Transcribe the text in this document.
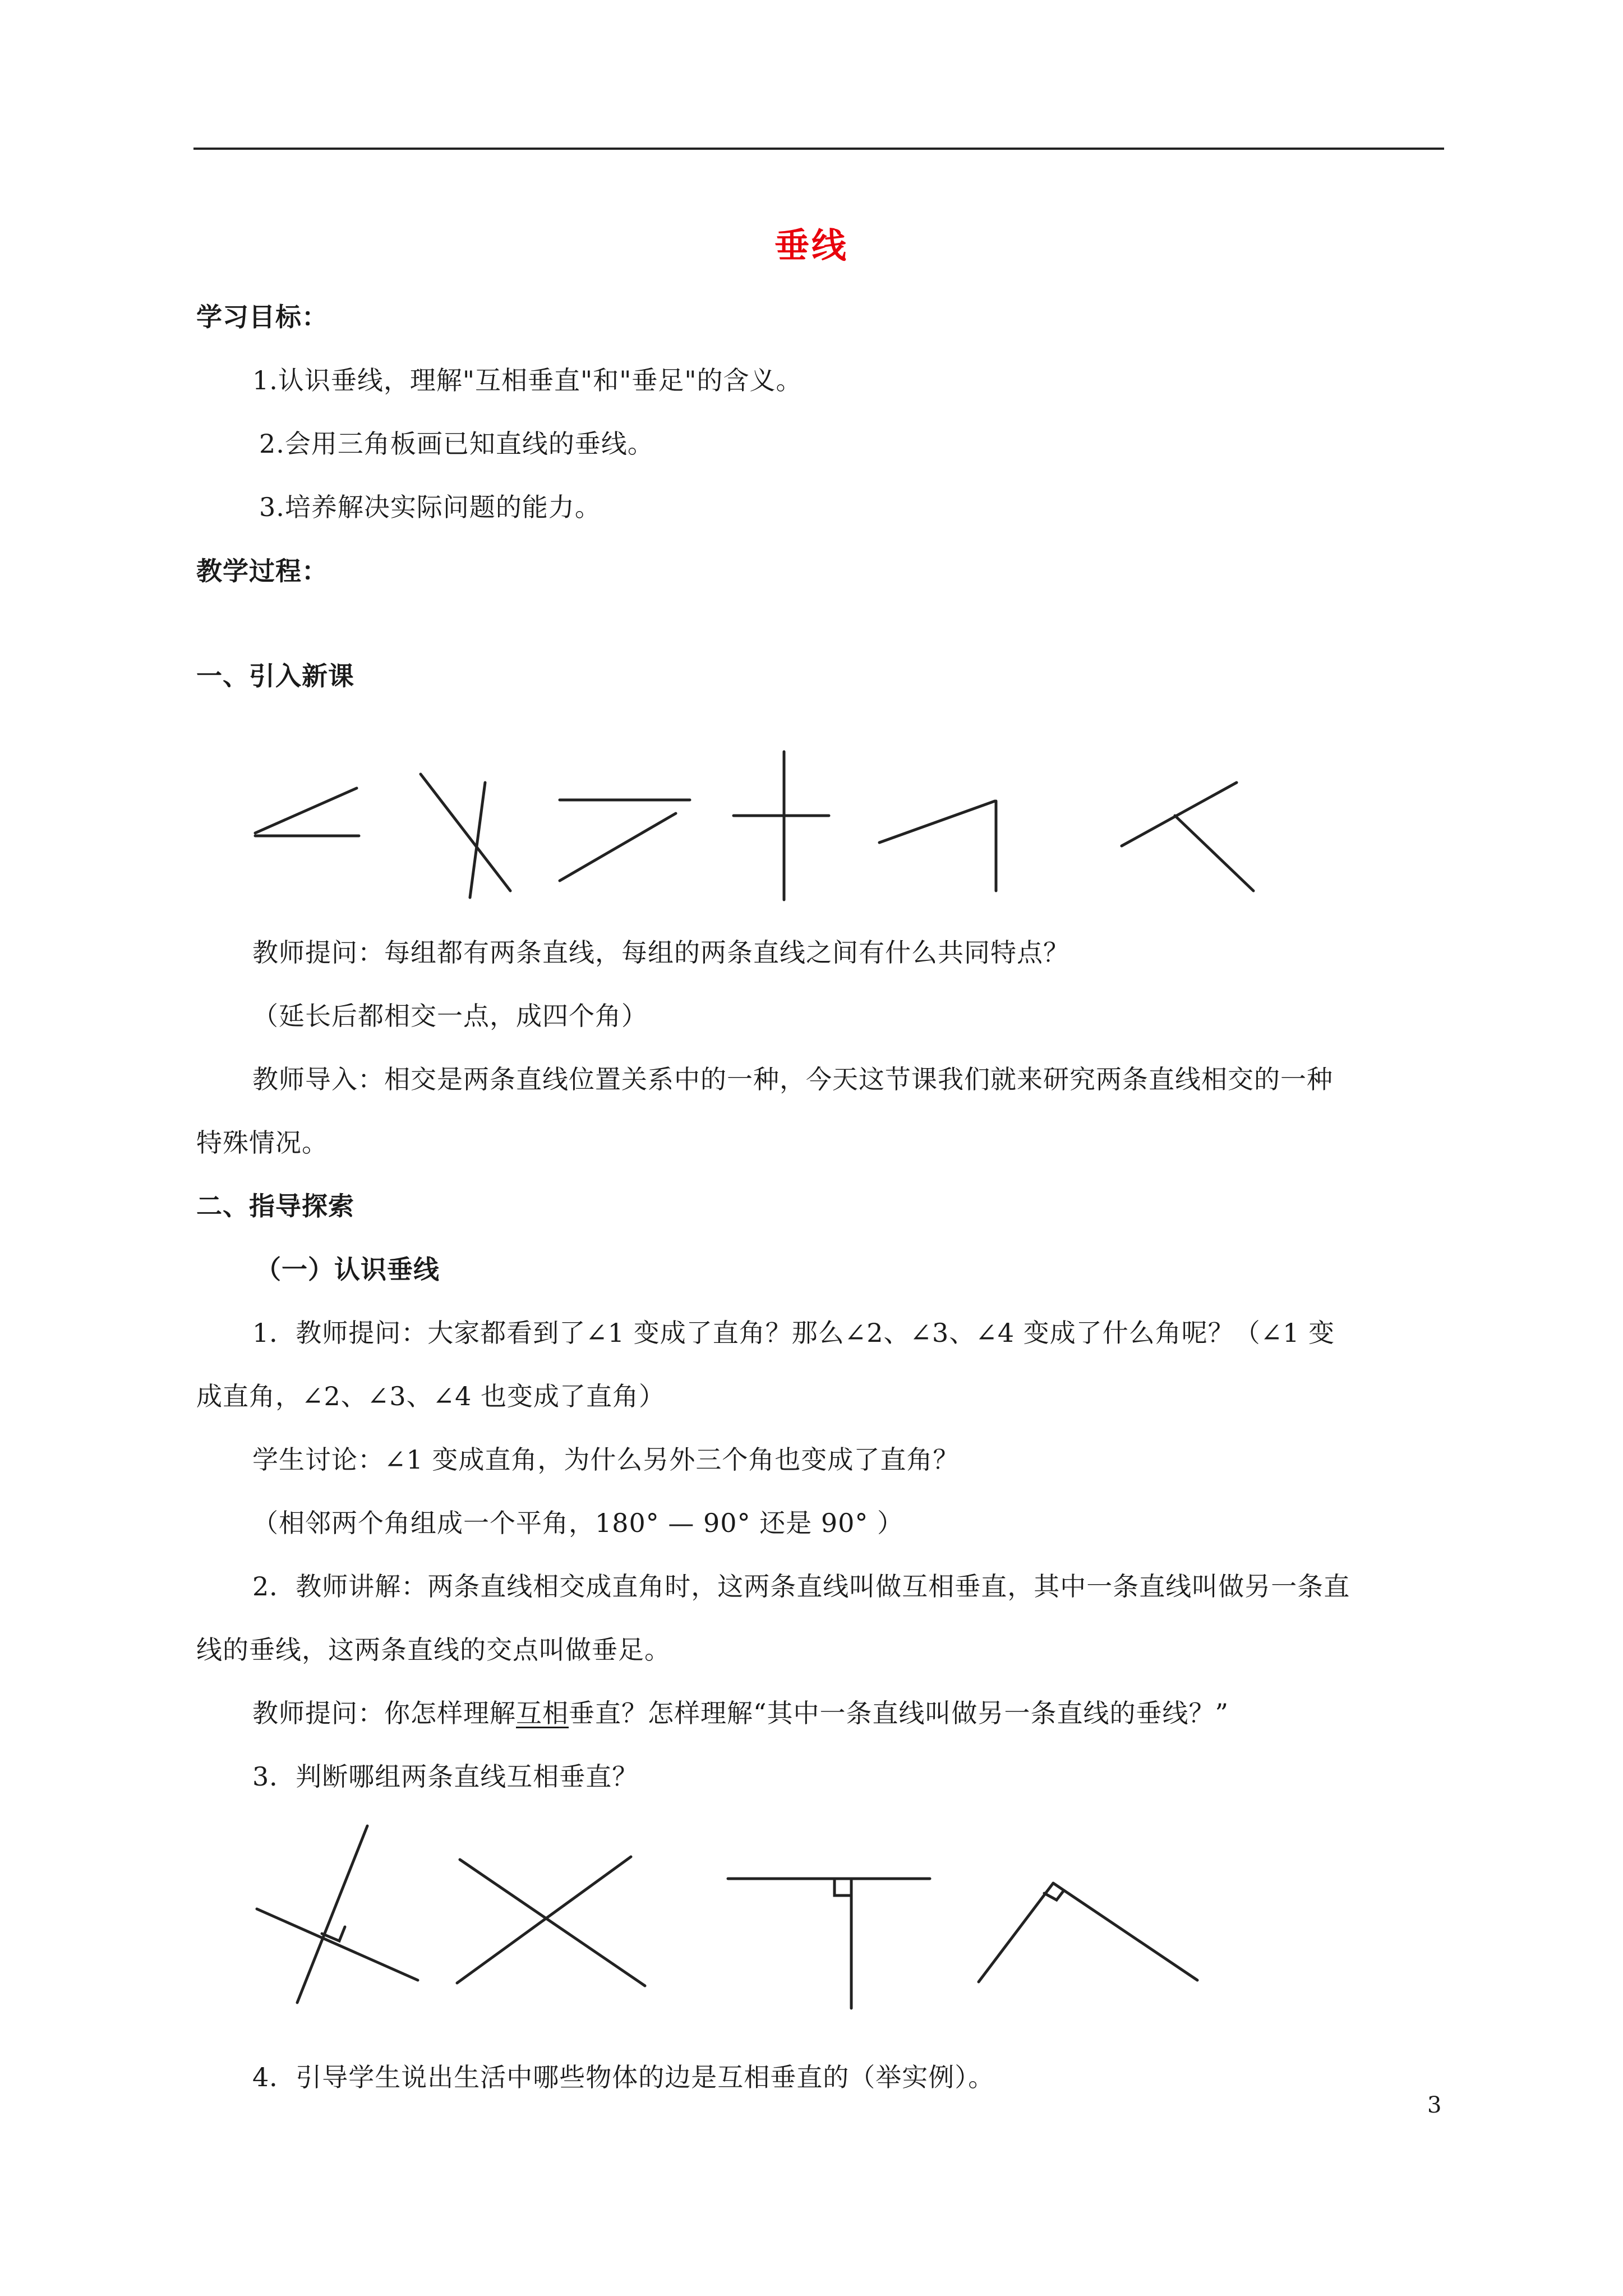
垂线
学习目标：
1.认识垂线，理解"互相垂直"和"垂足"的含义。
2.会用三角板画已知直线的垂线。
3.培养解决实际问题的能力。
教学过程：
一、引入新课
教师提问：每组都有两条直线，每组的两条直线之间有什么共同特点？
（延长后都相交一点，成四个角）
教师导入：相交是两条直线位置关系中的一种，今天这节课我们就来研究两条直线相交的一种
特殊情况。
二、指导探索
（一）认识垂线
1．教师提问：大家都看到了∠1 变成了直角？那么∠2、∠3、∠4 变成了什么角呢？（∠1 变
成直角，∠2、∠3、∠4 也变成了直角）
学生讨论：∠1 变成直角，为什么另外三个角也变成了直角？
（相邻两个角组成一个平角，180° — 90° 还是 90° ）
2．教师讲解：两条直线相交成直角时，这两条直线叫做互相垂直，其中一条直线叫做另一条直
线的垂线，这两条直线的交点叫做垂足。
教师提问：你怎样理解互相垂直？怎样理解“其中一条直线叫做另一条直线的垂线？”
3．判断哪组两条直线互相垂直？
4．引导学生说出生活中哪些物体的边是互相垂直的（举实例）。
3
